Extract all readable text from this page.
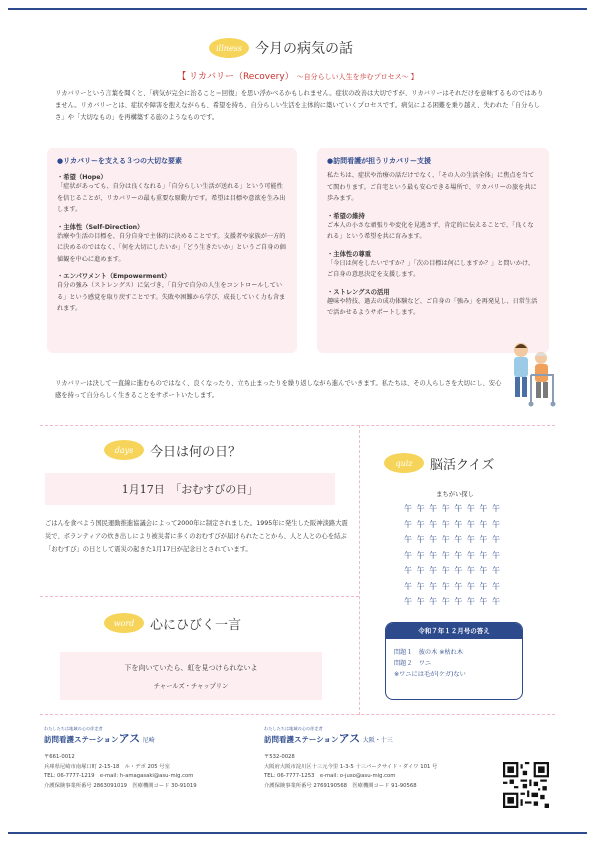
illness 今月の病気の話
【 リカバリー（Recovery） 〜自分らしい人生を歩むプロセス〜 】

リカバリーという言葉を聞くと、「病気が完全に治ること＝回復」を思い浮かべるかもしれません。症状の改善は大切ですが、リカバリーはそれだけを意味するものではありません。リカバリーとは、症状や障害を抱えながらも、希望を持ち、自分らしい生活を主体的に築いていくプロセスです。病気による困難を乗り越え、失われた「自分らしさ」や「大切なもの」を再構築する旅のようなものです。

●リカバリーを支える３つの大切な要素
・希望（Hope）
「症状があっても、自分は良くなれる」「自分らしい生活が送れる」という可能性を信じることが、リカバリーの最も重要な原動力です。希望は目標や意欲を生み出します。
・主体性（Self-Direction）
治療や生活の目標を、自分自身で主体的に決めることです。支援者や家族が一方的に決めるのではなく、「何を大切にしたいか」「どう生きたいか」というご自身の価値観を中心に進めます。
・エンパワメント（Empowerment）
自分の強み（ストレングス）に気づき、「自分で自分の人生をコントロールしている」という感覚を取り戻すことです。失敗や困難から学び、成長していく力も含まれます。
●訪問看護が担うリカバリー支援
私たちは、症状や治療の話だけでなく、「その人の生活全体」に焦点を当てて関わります。ご自宅という最も安心できる場所で、リカバリーの旅を共に歩みます。
・希望の維持
ご本人の小さな頑張りや変化を見逃さず、肯定的に伝えることで、「良くなれる」という希望を共に育みます。
・主体性の尊重
「今日は何をしたいですか？」「次の目標は何にしますか？」と問いかけ、ご自身の意思決定を支援します。
・ストレングスの活用
趣味や特技、過去の成功体験など、ご自身の「強み」を再発見し、日常生活で活かせるようサポートします。

リカバリーは決して一直線に進むものではなく、良くなったり、立ち止まったりを繰り返しながら進んでいきます。私たちは、その人らしさを大切にし、安心感を持って自分らしく生きることをサポートいたします。

days	今日は何の日？
1月17日　「おむすびの日」

ごはんを食べよう国民運動推進協議会によって2000年に制定されました。1995年に発生した阪神淡路大震災で、ボランティアの炊き出しにより被災者に多くのおむすびが届けられたことから、人と人との心を結ぶ「おむすび」の日として震災の起きた1月17日が記念日とされています。

word	心にひびく一言
下を向いていたら、虹を見つけられないよ
チャールズ・チャップリン
quiz	脳活クイズ
まちがい探し
午 午 午 午 午 午 午 午
午 午 午 午 午 午 午 午
午 午 午 午 午 午 午 午
午 午 午 午 午 午 午 午
午 午 午 午 午 午 午 午
午 午 午 午 午 午 午 午
午 午 午 午 午 午 午 午
令和７年１２月号の答え
問題１　彼の木 ※枯れ木
問題２　ワニ
※ワニには毛が(ケガ)ない
わたしたちは地域の心の伴走者
訪問看護ステーションアス 尼崎
〒661-0012
兵庫県尼崎市南塚口町 2-15-18　ル・デポ 205 号室
TEL: 06-7777-1219　e-mail: h-amagasaki@asu-mig.com
介護保険事業所番号 2863091019　医療機関コード 30-91019
わたしたちは地域の心の伴走者
訪問看護ステーションアス 大阪・十三
〒532-0028
大阪府大阪市淀川区十三元今里 1-3-5 十三パークサイド・ダイワ 101 号
TEL: 06-7777-1253　e-mail: o-juso@asu-mig.com
介護保険事業所番号 2769190568　医療機関コード 91-90568
